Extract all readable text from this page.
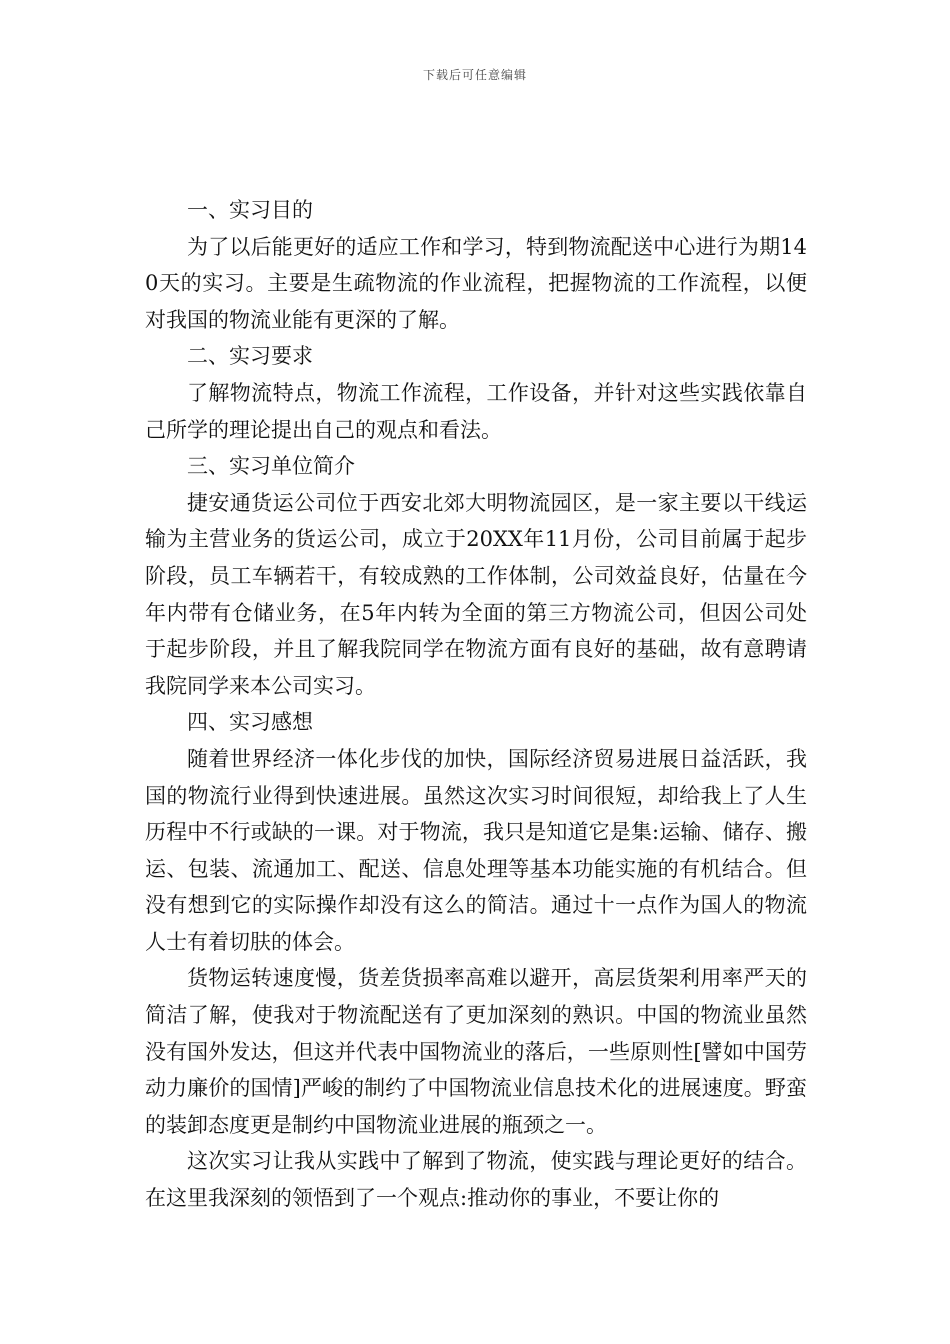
下载后可任意编辑

一、实习目的

为了以后能更好的适应工作和学习，特到物流配送中心进行为期140天的实习。主要是生疏物流的作业流程，把握物流的工作流程，以便对我国的物流业能有更深的了解。

二、实习要求

了解物流特点，物流工作流程，工作设备，并针对这些实践依靠自己所学的理论提出自己的观点和看法。

三、实习单位简介

捷安通货运公司位于西安北郊大明物流园区，是一家主要以干线运输为主营业务的货运公司，成立于20XX年11月份，公司目前属于起步阶段，员工车辆若干，有较成熟的工作体制，公司效益良好，估量在今年内带有仓储业务，在5年内转为全面的第三方物流公司，但因公司处于起步阶段，并且了解我院同学在物流方面有良好的基础，故有意聘请我院同学来本公司实习。

四、实习感想

随着世界经济一体化步伐的加快，国际经济贸易进展日益活跃，我国的物流行业得到快速进展。虽然这次实习时间很短，却给我上了人生历程中不行或缺的一课。对于物流，我只是知道它是集:运输、储存、搬运、包装、流通加工、配送、信息处理等基本功能实施的有机结合。但没有想到它的实际操作却没有这么的简洁。通过十一点作为国人的物流人士有着切肤的体会。

货物运转速度慢，货差货损率高难以避开，高层货架利用率严天的简洁了解，使我对于物流配送有了更加深刻的熟识。中国的物流业虽然没有国外发达，但这并代表中国物流业的落后，一些原则性[譬如中国劳动力廉价的国情]严峻的制约了中国物流业信息技术化的进展速度。野蛮的装卸态度更是制约中国物流业进展的瓶颈之一。

这次实习让我从实践中了解到了物流，使实践与理论更好的结合。在这里我深刻的领悟到了一个观点:推动你的事业，不要让你的
